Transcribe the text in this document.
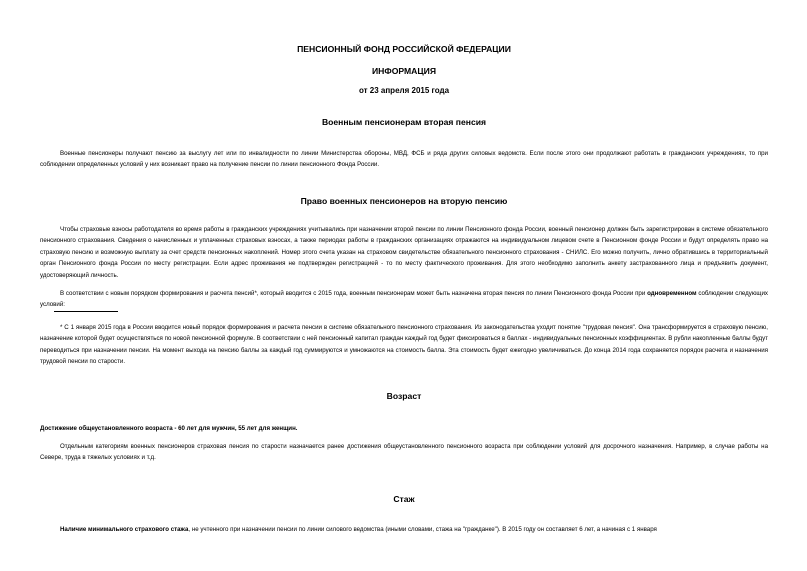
ПЕНСИОННЫЙ ФОНД РОССИЙСКОЙ ФЕДЕРАЦИИ

ИНФОРМАЦИЯ

от 23 апреля 2015 года

Военным пенсионерам вторая пенсия

Военные пенсионеры получают пенсию за выслугу лет или по инвалидности по линии Министерства обороны, МВД, ФСБ и ряда других силовых ведомств. Если после этого они продолжают работать в гражданских учреждениях, то при соблюдении определенных условий у них возникает право на получение пенсии по линии пенсионного Фонда России.

Право военных пенсионеров на вторую пенсию

Чтобы страховые взносы работодателя во время работы в гражданских учреждениях учитывались при назначении второй пенсии по линии Пенсионного фонда России, военный пенсионер должен быть зарегистрирован в системе обязательного пенсионного страхования. Сведения о начисленных и уплаченных страховых взносах, а также периодах работы в гражданских организациях отражаются на индивидуальном лицевом счете в Пенсионном фонде России и будут определять право на страховую пенсию и возможную выплату за счет средств пенсионных накоплений. Номер этого счета указан на страховом свидетельстве обязательного пенсионного страхования - СНИЛС. Его можно получить, лично обратившись в территориальный орган Пенсионного фонда России по месту регистрации. Если адрес проживания не подтвержден регистрацией - то по месту фактического проживания. Для этого необходимо заполнить анкету застрахованного лица и предъявить документ, удостоверяющий личность.

В соответствии с новым порядком формирования и расчета пенсий*, который вводится с 2015 года, военным пенсионерам может быть назначена вторая пенсия по линии Пенсионного фонда России при одновременном соблюдении следующих условий:

* С 1 января 2015 года в России вводится новый порядок формирования и расчета пенсии в системе обязательного пенсионного страхования. Из законодательства уходит понятие "трудовая пенсия". Она трансформируется в страховую пенсию, назначение которой будет осуществляться по новой пенсионной формуле. В соответствии с ней пенсионный капитал граждан каждый год будет фиксироваться в баллах - индивидуальных пенсионных коэффициентах. В рубли накопленные баллы будут переводиться при назначении пенсии. На момент выхода на пенсию баллы за каждый год суммируются и умножаются на стоимость балла. Эта стоимость будет ежегодно увеличиваться. До конца 2014 года сохраняется порядок расчета и назначения трудовой пенсии по старости.

Возраст

Достижение общеустановленного возраста - 60 лет для мужчин, 55 лет для женщин.

Отдельным категориям военных пенсионеров страховая пенсия по старости назначается ранее достижения общеустановленного пенсионного возраста при соблюдении условий для досрочного назначения. Например, в случае работы на Севере, труда в тяжелых условиях и т.д.

Стаж

Наличие минимального страхового стажа, не учтенного при назначении пенсии по линии силового ведомства (иными словами, стажа на "гражданке"). В 2015 году он составляет 6 лет, а начиная с 1 января
